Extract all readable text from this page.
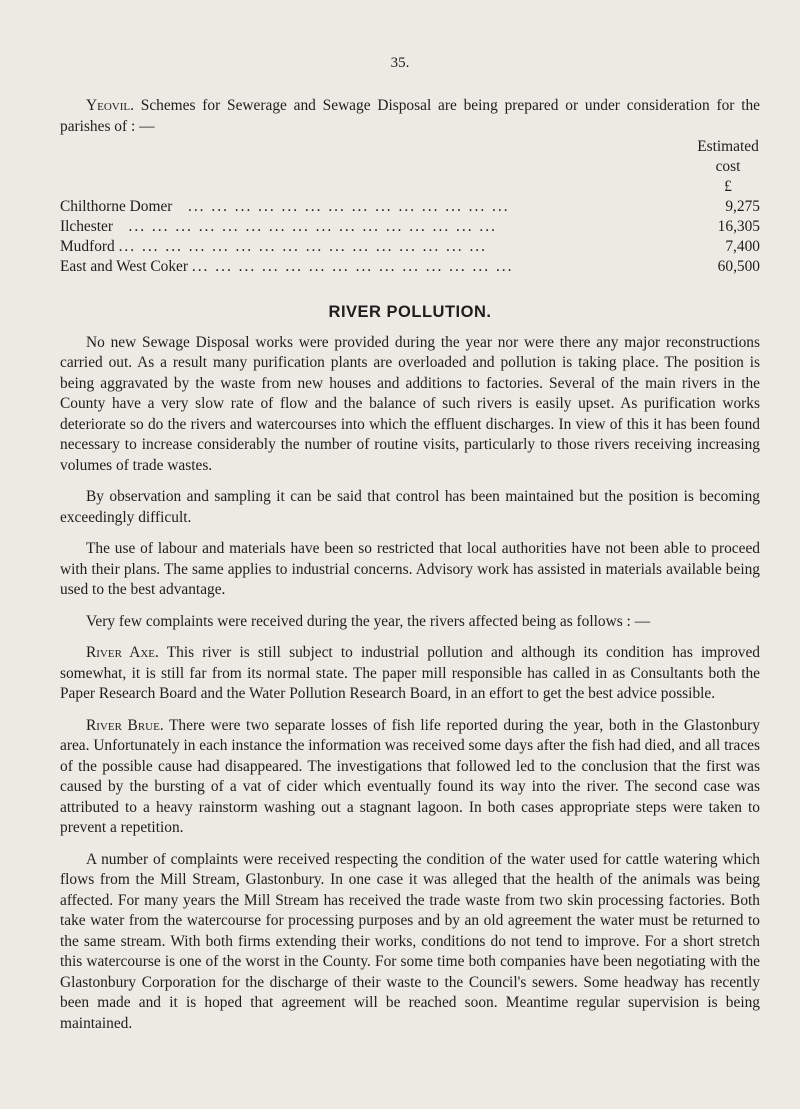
35.

Yeovil. Schemes for Sewerage and Sewage Disposal are being prepared or under consideration for the parishes of : —

Estimated
cost
£
Chilthorne Domer   ... ... ... ... ... ... ... ... ... ... ... ... ... ...	9,275
Ilchester   ... ... ... ... ... ... ... ... ... ... ... ... ... ... ... ...	16,305
Mudford ... ... ... ... ... ... ... ... ... ... ... ... ... ... ... ...	7,400
East and West Coker ... ... ... ... ... ... ... ... ... ... ... ... ... ...	60,500
RIVER POLLUTION.

No new Sewage Disposal works were provided during the year nor were there any major reconstructions carried out. As a result many purification plants are overloaded and pollution is taking place. The position is being aggravated by the waste from new houses and additions to factories. Several of the main rivers in the County have a very slow rate of flow and the balance of such rivers is easily upset. As purification works deteriorate so do the rivers and watercourses into which the effluent discharges. In view of this it has been found necessary to increase considerably the number of routine visits, particularly to those rivers receiving increasing volumes of trade wastes.

By observation and sampling it can be said that control has been maintained but the position is becoming exceedingly difficult.

The use of labour and materials have been so restricted that local authorities have not been able to proceed with their plans. The same applies to industrial concerns. Advisory work has assisted in materials available being used to the best advantage.

Very few complaints were received during the year, the rivers affected being as follows : —

River Axe. This river is still subject to industrial pollution and although its condition has improved somewhat, it is still far from its normal state. The paper mill responsible has called in as Consultants both the Paper Research Board and the Water Pollution Research Board, in an effort to get the best advice possible.

River Brue. There were two separate losses of fish life reported during the year, both in the Glastonbury area. Unfortunately in each instance the information was received some days after the fish had died, and all traces of the possible cause had disappeared. The investigations that followed led to the conclusion that the first was caused by the bursting of a vat of cider which eventually found its way into the river. The second case was attributed to a heavy rainstorm washing out a stagnant lagoon. In both cases appropriate steps were taken to prevent a repetition.

A number of complaints were received respecting the condition of the water used for cattle watering which flows from the Mill Stream, Glastonbury. In one case it was alleged that the health of the animals was being affected. For many years the Mill Stream has received the trade waste from two skin processing factories. Both take water from the watercourse for processing purposes and by an old agreement the water must be returned to the same stream. With both firms extending their works, conditions do not tend to improve. For a short stretch this watercourse is one of the worst in the County. For some time both companies have been negotiating with the Glastonbury Corporation for the discharge of their waste to the Council's sewers. Some headway has recently been made and it is hoped that agreement will be reached soon. Meantime regular supervision is being maintained.
